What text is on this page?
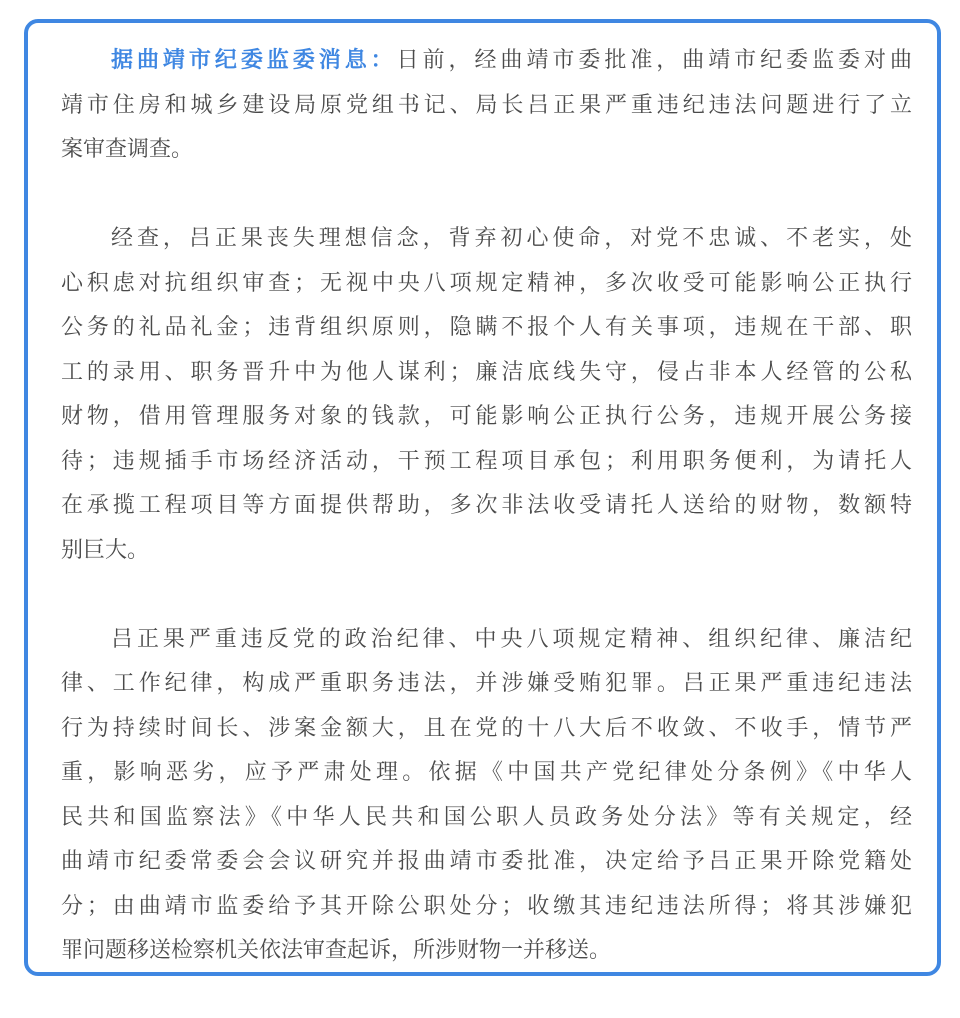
据曲靖市纪委监委消息：日前，经曲靖市委批准，曲靖市纪委监委对曲
靖市住房和城乡建设局原党组书记、局长吕正果严重违纪违法问题进行了立
案审查调查。
经查，吕正果丧失理想信念，背弃初心使命，对党不忠诚、不老实，处
心积虑对抗组织审查；无视中央八项规定精神，多次收受可能影响公正执行
公务的礼品礼金；违背组织原则，隐瞒不报个人有关事项，违规在干部、职
工的录用、职务晋升中为他人谋利；廉洁底线失守，侵占非本人经管的公私
财物，借用管理服务对象的钱款，可能影响公正执行公务，违规开展公务接
待；违规插手市场经济活动，干预工程项目承包；利用职务便利，为请托人
在承揽工程项目等方面提供帮助，多次非法收受请托人送给的财物，数额特
别巨大。
吕正果严重违反党的政治纪律、中央八项规定精神、组织纪律、廉洁纪
律、工作纪律，构成严重职务违法，并涉嫌受贿犯罪。吕正果严重违纪违法
行为持续时间长、涉案金额大，且在党的十八大后不收敛、不收手，情节严
重，影响恶劣，应予严肃处理。依据《中国共产党纪律处分条例》《中华人
民共和国监察法》《中华人民共和国公职人员政务处分法》等有关规定，经
曲靖市纪委常委会会议研究并报曲靖市委批准，决定给予吕正果开除党籍处
分；由曲靖市监委给予其开除公职处分；收缴其违纪违法所得；将其涉嫌犯
罪问题移送检察机关依法审查起诉，所涉财物一并移送。
